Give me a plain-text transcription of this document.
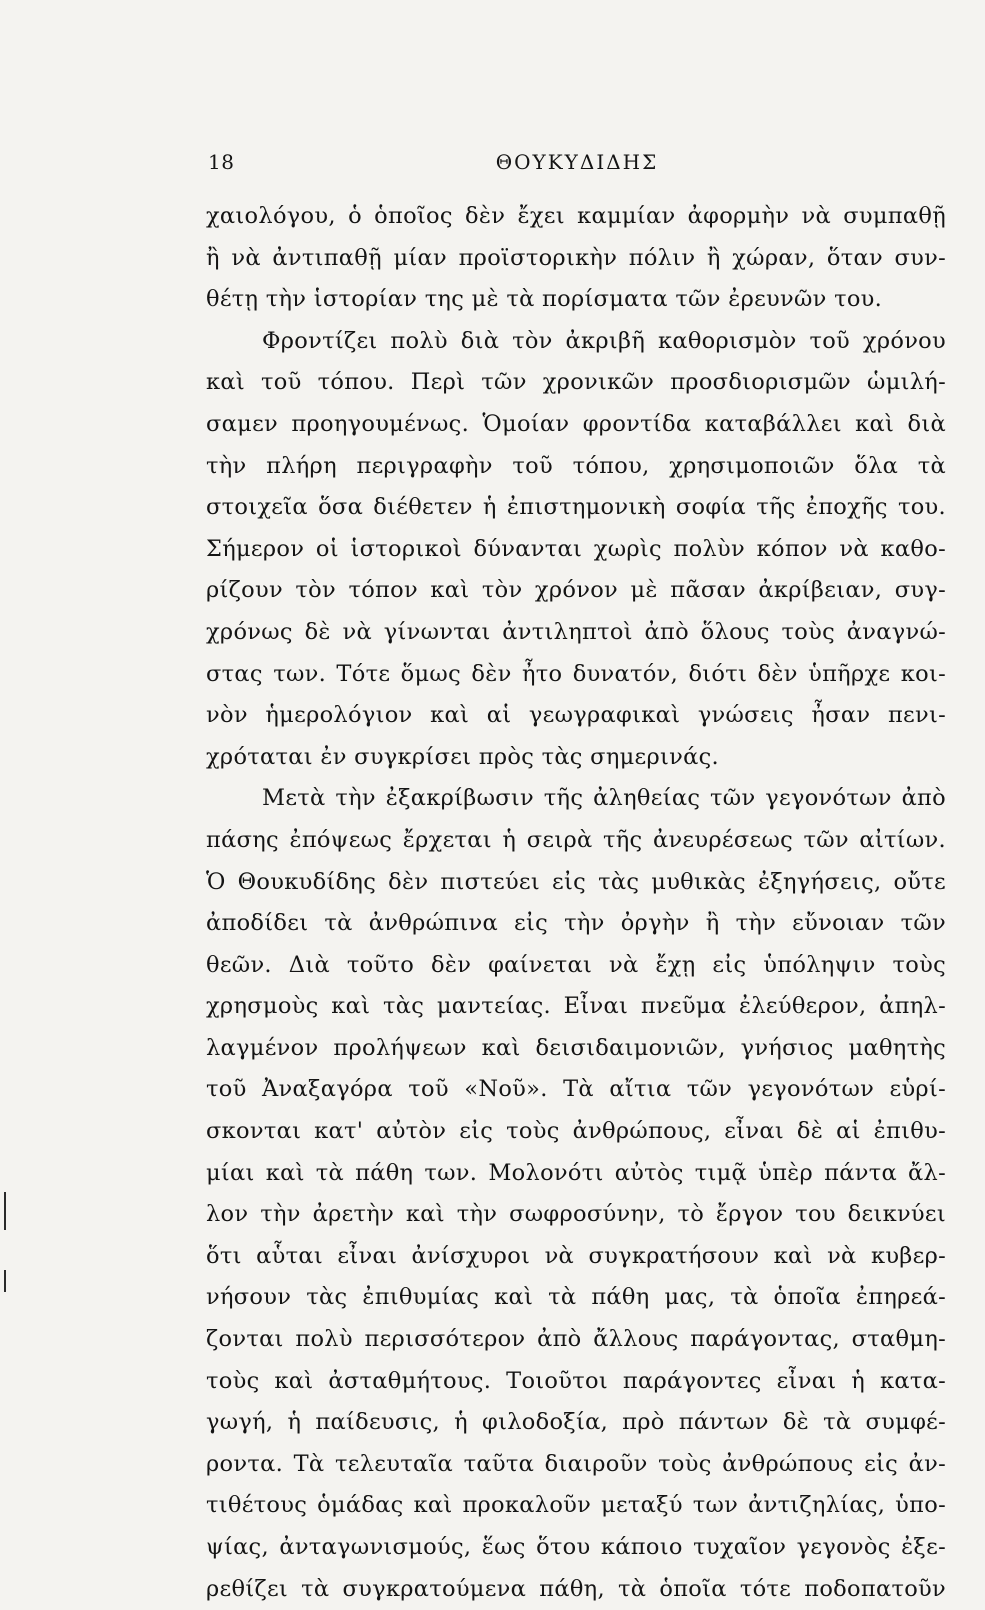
18	ΘΟΥΚΥΔΙΔΗΣ
χαιολόγου, ὁ ὁποῖος δὲν ἔχει καμμίαν ἀφορμὴν νὰ συμπαθῇ
ἢ νὰ ἀντιπαθῇ μίαν προϊστορικὴν πόλιν ἢ χώραν, ὅταν συν-
θέτῃ τὴν ἱστορίαν της μὲ τὰ πορίσματα τῶν ἐρευνῶν του.
Φροντίζει πολὺ διὰ τὸν ἀκριβῆ καθορισμὸν τοῦ χρόνου
καὶ τοῦ τόπου. Περὶ τῶν χρονικῶν προσδιορισμῶν ὡμιλή-
σαμεν προηγουμένως. Ὁμοίαν φροντίδα καταβάλλει καὶ διὰ
τὴν πλήρη περιγραφὴν τοῦ τόπου, χρησιμοποιῶν ὅλα τὰ
στοιχεῖα ὅσα διέθετεν ἡ ἐπιστημονικὴ σοφία τῆς ἐποχῆς του.
Σήμερον οἱ ἱστορικοὶ δύνανται χωρὶς πολὺν κόπον νὰ καθο-
ρίζουν τὸν τόπον καὶ τὸν χρόνον μὲ πᾶσαν ἀκρίβειαν, συγ-
χρόνως δὲ νὰ γίνωνται ἀντιληπτοὶ ἀπὸ ὅλους τοὺς ἀναγνώ-
στας των. Τότε ὅμως δὲν ἦτο δυνατόν, διότι δὲν ὑπῆρχε κοι-
νὸν ἡμερολόγιον καὶ αἱ γεωγραφικαὶ γνώσεις ἦσαν πενι-
χρόταται ἐν συγκρίσει πρὸς τὰς σημερινάς.
Μετὰ τὴν ἐξακρίβωσιν τῆς ἀληθείας τῶν γεγονότων ἀπὸ
πάσης ἐπόψεως ἔρχεται ἡ σειρὰ τῆς ἀνευρέσεως τῶν αἰτίων.
Ὁ Θουκυδίδης δὲν πιστεύει εἰς τὰς μυθικὰς ἐξηγήσεις, οὔτε
ἀποδίδει τὰ ἀνθρώπινα εἰς τὴν ὀργὴν ἢ τὴν εὔνοιαν τῶν
θεῶν. Διὰ τοῦτο δὲν φαίνεται νὰ ἔχῃ εἰς ὑπόληψιν τοὺς
χρησμοὺς καὶ τὰς μαντείας. Εἶναι πνεῦμα ἐλεύθερον, ἀπηλ-
λαγμένον προλήψεων καὶ δεισιδαιμονιῶν, γνήσιος μαθητὴς
τοῦ Ἀναξαγόρα τοῦ «Νοῦ». Τὰ αἴτια τῶν γεγονότων εὑρί-
σκονται κατ' αὐτὸν εἰς τοὺς ἀνθρώπους, εἶναι δὲ αἱ ἐπιθυ-
μίαι καὶ τὰ πάθη των. Μολονότι αὐτὸς τιμᾷ ὑπὲρ πάντα ἄλ-
λον τὴν ἀρετὴν καὶ τὴν σωφροσύνην, τὸ ἔργον του δεικνύει
ὅτι αὗται εἶναι ἀνίσχυροι νὰ συγκρατήσουν καὶ νὰ κυβερ-
νήσουν τὰς ἐπιθυμίας καὶ τὰ πάθη μας, τὰ ὁποῖα ἐπηρεά-
ζονται πολὺ περισσότερον ἀπὸ ἄλλους παράγοντας, σταθμη-
τοὺς καὶ ἀσταθμήτους. Τοιοῦτοι παράγοντες εἶναι ἡ κατα-
γωγή, ἡ παίδευσις, ἡ φιλοδοξία, πρὸ πάντων δὲ τὰ συμφέ-
ροντα. Τὰ τελευταῖα ταῦτα διαιροῦν τοὺς ἀνθρώπους εἰς ἀν-
τιθέτους ὁμάδας καὶ προκαλοῦν μεταξύ των ἀντιζηλίας, ὑπο-
ψίας, ἀνταγωνισμούς, ἕως ὅτου κάποιο τυχαῖον γεγονὸς ἐξε-
ρεθίζει τὰ συγκρατούμενα πάθη, τὰ ὁποῖα τότε ποδοπατοῦν
